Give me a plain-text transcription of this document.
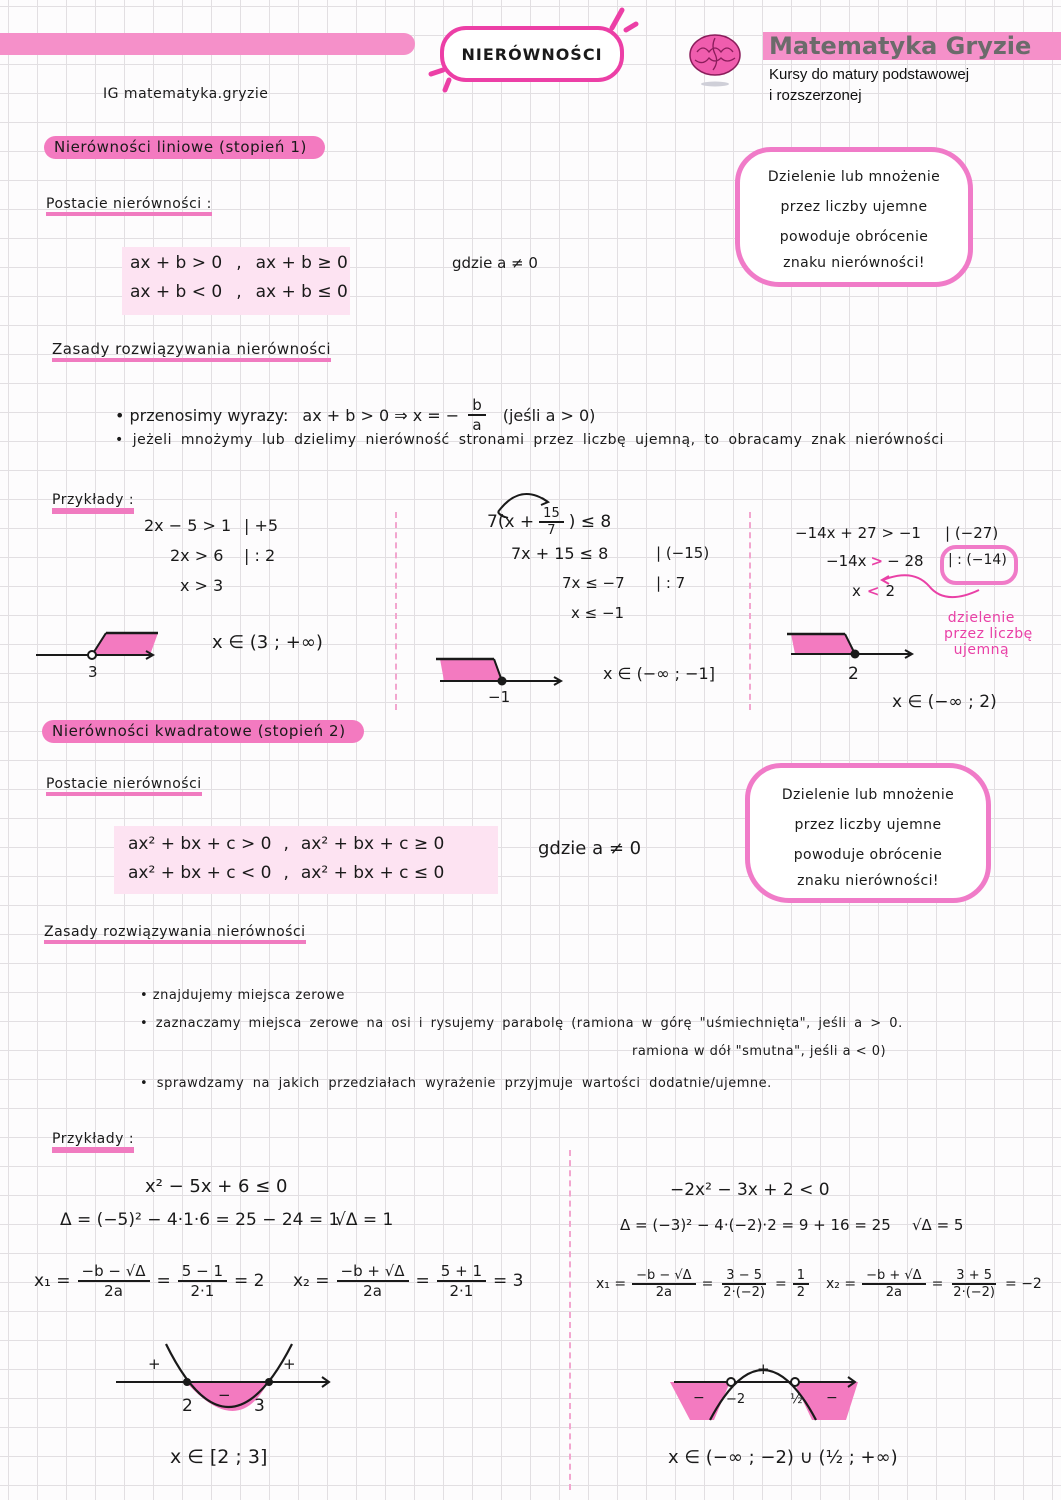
NIERÓWNOŚCI	Matematyka Gryzie
Kursy do matury podstawowej
i rozszerzonej
IG matematyka.gryzie
Nierówności liniowe (stopień 1)
Postacie nierówności :
ax + b > 0 , ax + b ≥ 0
ax + b < 0 , ax + b ≤ 0
gdzie a ≠ 0
Dzielenie lub mnożenie
przez liczby ujemne
powoduje obrócenie
znaku nierówności!
Zasady rozwiązywania nierówności
• przenosimy wyrazy: ax + b > 0 ⇒ x = − $\frac{b}{a}$ (jeśli a > 0)
• jeżeli mnożymy lub dzielimy nierówność stronami przez liczbę ujemną, to obracamy znak nierówności
Przykłady :
2x − 5 > 1 | +5
2x > 6 | : 2
x > 3
3
x ∈ (3 ; +∞)
$7(x + \frac{15}{7}$ ) ≤ 8
7x + 15 ≤ 8	| (−15)
7x ≤ −7 | : 7
x ≤ −1
−1
x ∈ (−∞ ; −1]
−14x + 27 > −1 | (−27)
−14x > − 28 | : (−14)
x < 2
dzielenie
przez liczbę
ujemną
2
x ∈ (−∞ ; 2)
Nierówności kwadratowe (stopień 2)
Postacie nierówności
ax² + bx + c > 0 , ax² + bx + c ≥ 0
ax² + bx + c < 0 , ax² + bx + c ≤ 0
gdzie a ≠ 0
Dzielenie lub mnożenie
przez liczby ujemne
powoduje obrócenie
znaku nierówności!
Zasady rozwiązywania nierówności
• znajdujemy miejsca zerowe
• zaznaczamy miejsca zerowe na osi i rysujemy parabolę (ramiona w górę "uśmiechnięta", jeśli a > 0.
ramiona w dół "smutna", jeśli a < 0)
• sprawdzamy na jakich przedziałach wyrażenie przyjmuje wartości dodatnie/ujemne.
Przykłady :
x² − 5x + 6 ≤ 0
Δ = (−5)² − 4·1·6 = 25 − 24 = 1
√Δ = 1
$x_1 = \frac{-b - √\Delta}{2a} = \frac{5 - 1}{2\cdot 1} = 2$ $x_2 = \frac{-b + √\Delta}{2a} = \frac{5 + 1}{2\cdot 1} = 3$
+
−
+
2	3
x ∈ [2 ; 3]
−2x² − 3x + 2 < 0
Δ = (−3)² − 4·(−2)·2 = 9 + 16 = 25 √Δ = 5
$x_1 = \frac{-b - √\Delta}{2a} = \frac{3 - 5}{2\cdot(-2)} = \frac{1}{2} x_2 = \frac{-b + √\Delta}{2a} = \frac{3 + 5}{2\cdot(-2)} = -2$
−
+
−
−2	½
x ∈ (−∞ ; −2) ∪ (½ ; +∞)
